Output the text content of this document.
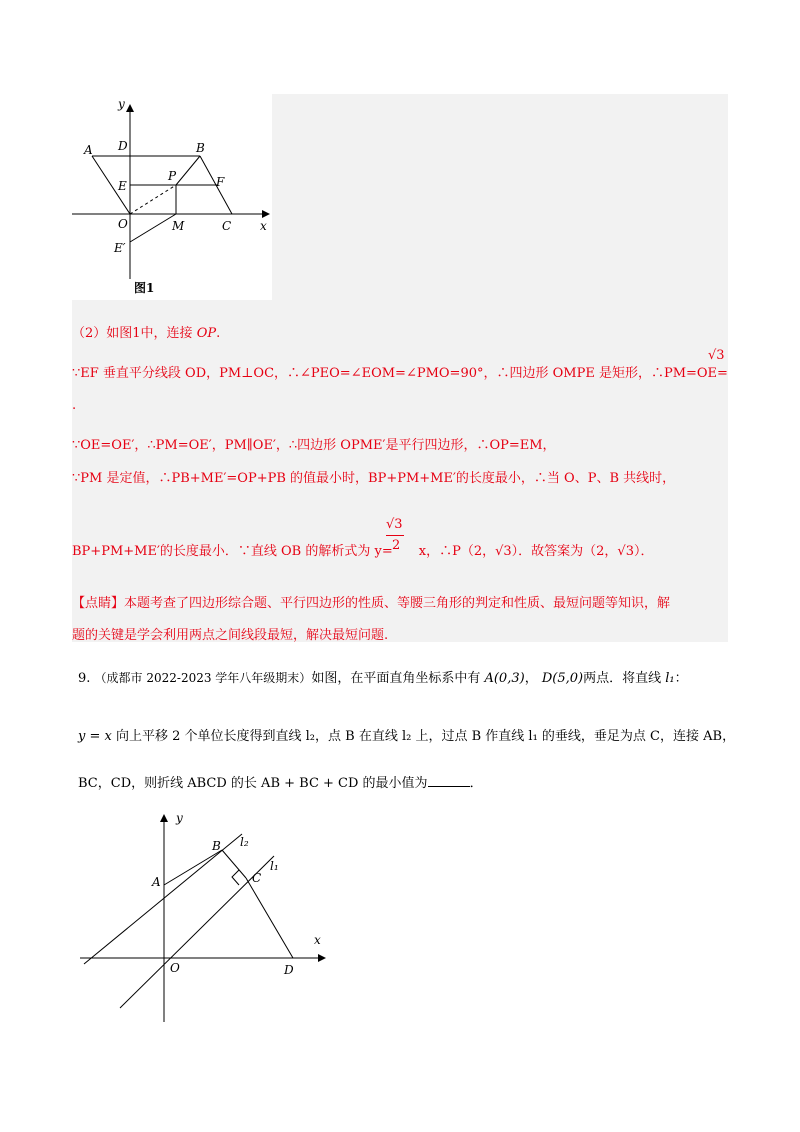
y
x
A D	B
E
P	F
O	M	C
E′
图1
（2）如图1中，连接 OP.
∵EF 垂直平分线段 OD，PM⊥OC，∴∠PEO=∠EOM=∠PMO=90°，∴四边形 OMPE 是矩形，∴PM=OE=
√3
.
∵OE=OE′，∴PM=OE′，PM∥OE′，∴四边形 OPME′是平行四边形，∴OP=EM，
∵PM 是定值，∴PB+ME′=OP+PB 的值最小时，BP+PM+ME′的长度最小，∴当 O、P、B 共线时，
BP+PM+ME′的长度最小．∵直线 OB 的解析式为 y= x，∴P（2，√3）．故答案为（2，√3）．
√3
2
【点睛】本题考查了四边形综合题、平行四边形的性质、等腰三角形的判定和性质、最短问题等知识，解
题的关键是学会利用两点之间线段最短，解决最短问题.
9. （成都市 2022-2023 学年八年级期末）如图，在平面直角坐标系中有 A(0,3)， D(5,0)两点．将直线 l₁：
y = x 向上平移 2 个单位长度得到直线 l₂，点 B 在直线 l₂ 上，过点 B 作直线 l₁ 的垂线，垂足为点 C，连接 AB，
BC，CD，则折线 ABCD 的长 AB + BC + CD 的最小值为	．
y
x
A
B
C
O	D
l₂
l₁
